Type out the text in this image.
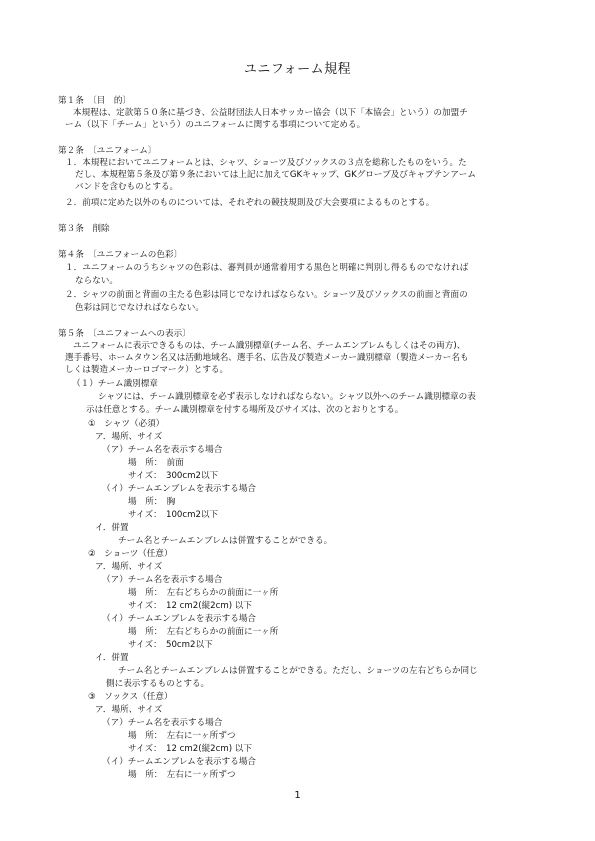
ユニフォーム規程
第１条　〔目　的〕
本規程は、定款第５０条に基づき、公益財団法人日本サッカー協会（以下「本協会」という）の加盟チ
ーム（以下「チーム」という）のユニフォームに関する事項について定める。
第２条　〔ユニフォーム〕
１．本規程においてユニフォームとは、シャツ、ショーツ及びソックスの３点を総称したものをいう。た
だし、本規程第５条及び第９条においては上記に加えてGKキャップ、GKグローブ及びキャプテンアーム
バンドを含むものとする。
２．前項に定めた以外のものについては、それぞれの競技規則及び大会要項によるものとする。
第３条　削除
第４条　〔ユニフォームの色彩〕
１．ユニフォームのうちシャツの色彩は、審判員が通常着用する黒色と明確に判別し得るものでなければ
ならない。
２．シャツの前面と背面の主たる色彩は同じでなければならない。ショーツ及びソックスの前面と背面の
色彩は同じでなければならない。
第５条　〔ユニフォームへの表示〕
ユニフォームに表示できるものは、チーム識別標章(チーム名、チームエンブレムもしくはその両方)、
選手番号、ホームタウン名又は活動地域名、選手名、広告及び製造メーカー識別標章（製造メーカー名も
しくは製造メーカーロゴマーク）とする。
（１）チーム識別標章
シャツには、チーム識別標章を必ず表示しなければならない。シャツ以外へのチーム識別標章の表
示は任意とする。チーム識別標章を付する場所及びサイズは、次のとおりとする。
①　シャツ（必須）
ア．場所、サイズ
（ア）チーム名を表示する場合
場　所：　前面
サイズ：　300cm2以下
（イ）チームエンブレムを表示する場合
場　所：　胸
サイズ：　100cm2以下
イ．併置
チーム名とチームエンブレムは併置することができる。
②　ショーツ（任意）
ア．場所、サイズ
（ア）チーム名を表示する場合
場　所：　左右どちらかの前面に一ヶ所
サイズ：　12 cm2(縦2cm) 以下
（イ）チームエンブレムを表示する場合
場　所：　左右どちらかの前面に一ヶ所
サイズ：　50cm2以下
イ．併置
チーム名とチームエンブレムは併置することができる。ただし、ショーツの左右どちらか同じ
側に表示するものとする。
③　ソックス（任意）
ア．場所、サイズ
（ア）チーム名を表示する場合
場　所：　左右に一ヶ所ずつ
サイズ：　12 cm2(縦2cm) 以下
（イ）チームエンブレムを表示する場合
場　所：　左右に一ヶ所ずつ
1
